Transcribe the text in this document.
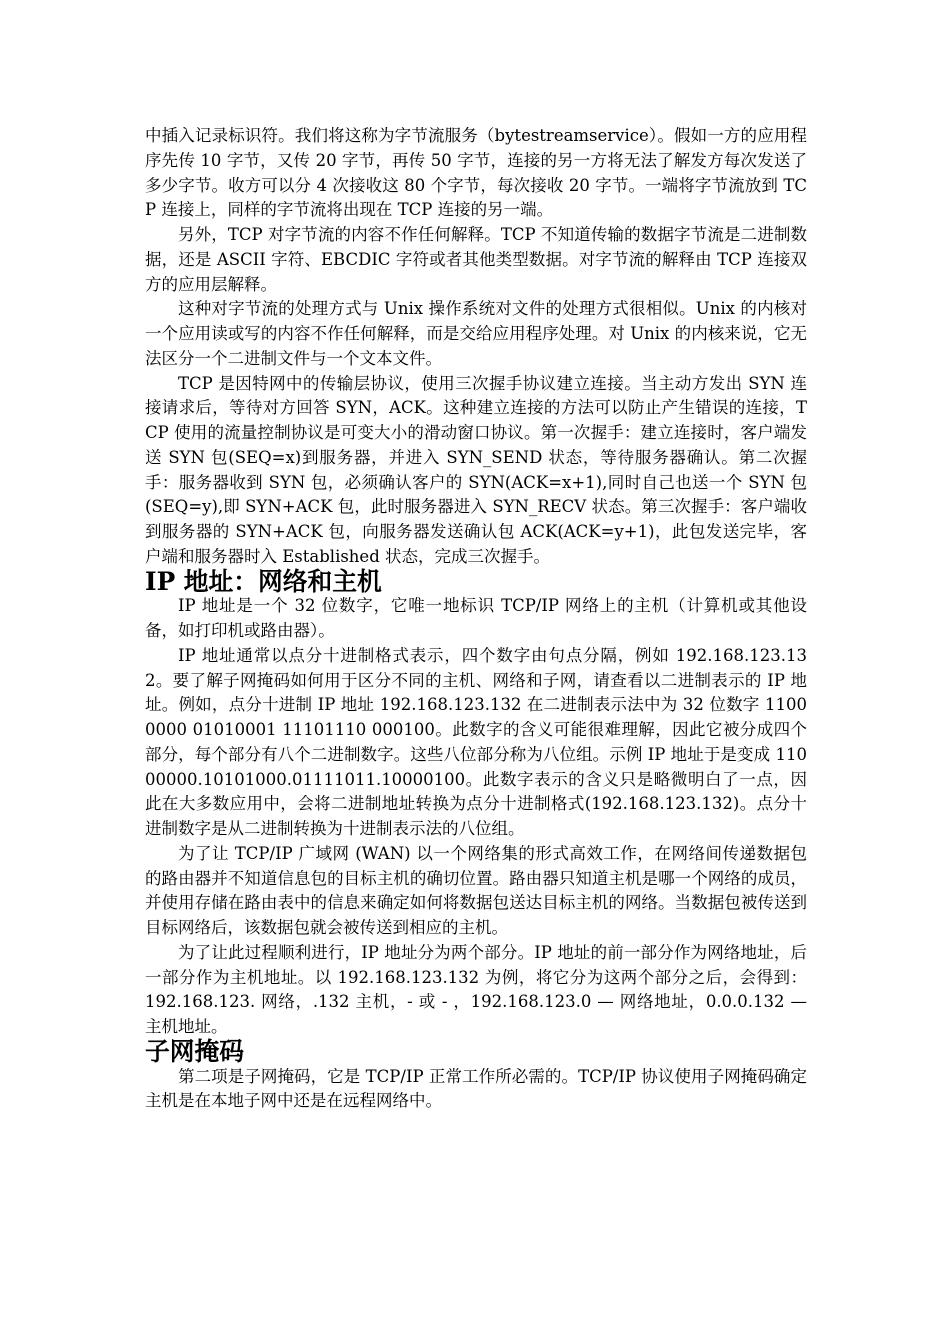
中插入记录标识符。我们将这称为字节流服务（bytestreamservice）。假如一方的应用程序先传 10 字节，又传 20 字节，再传 50 字节，连接的另一方将无法了解发方每次发送了多少字节。收方可以分 4 次接收这 80 个字节，每次接收 20 字节。一端将字节流放到 TCP 连接上，同样的字节流将出现在 TCP 连接的另一端。

另外，TCP 对字节流的内容不作任何解释。TCP 不知道传输的数据字节流是二进制数据，还是 ASCII 字符、EBCDIC 字符或者其他类型数据。对字节流的解释由 TCP 连接双方的应用层解释。

这种对字节流的处理方式与 Unix 操作系统对文件的处理方式很相似。Unix 的内核对一个应用读或写的内容不作任何解释，而是交给应用程序处理。对 Unix 的内核来说，它无法区分一个二进制文件与一个文本文件。

TCP 是因特网中的传输层协议，使用三次握手协议建立连接。当主动方发出 SYN 连接请求后，等待对方回答 SYN，ACK。这种建立连接的方法可以防止产生错误的连接，TCP 使用的流量控制协议是可变大小的滑动窗口协议。第一次握手：建立连接时，客户端发送 SYN 包(SEQ=x)到服务器，并进入 SYN_SEND 状态，等待服务器确认。第二次握手：服务器收到 SYN 包，必须确认客户的 SYN(ACK=x+1),同时自己也送一个 SYN 包(SEQ=y),即 SYN+ACK 包，此时服务器进入 SYN_RECV 状态。第三次握手：客户端收到服务器的 SYN+ACK 包，向服务器发送确认包 ACK(ACK=y+1)，此包发送完毕，客户端和服务器时入 Established 状态，完成三次握手。

IP 地址：网络和主机

IP 地址是一个 32 位数字，它唯一地标识 TCP/IP 网络上的主机（计算机或其他设备，如打印机或路由器）。

IP 地址通常以点分十进制格式表示，四个数字由句点分隔，例如 192.168.123.132。要了解子网掩码如何用于区分不同的主机、网络和子网，请查看以二进制表示的 IP 地址。例如，点分十进制 IP 地址 192.168.123.132 在二进制表示法中为 32 位数字 11000000 01010001 11101110 000100。此数字的含义可能很难理解，因此它被分成四个部分，每个部分有八个二进制数字。这些八位部分称为八位组。示例 IP 地址于是变成 11000000.10101000.01111011.10000100。此数字表示的含义只是略微明白了一点，因此在大多数应用中，会将二进制地址转换为点分十进制格式(192.168.123.132)。点分十进制数字是从二进制转换为十进制表示法的八位组。

为了让 TCP/IP 广域网 (WAN) 以一个网络集的形式高效工作，在网络间传递数据包的路由器并不知道信息包的目标主机的确切位置。路由器只知道主机是哪一个网络的成员，并使用存储在路由表中的信息来确定如何将数据包送达目标主机的网络。当数据包被传送到目标网络后，该数据包就会被传送到相应的主机。

为了让此过程顺利进行，IP 地址分为两个部分。IP 地址的前一部分作为网络地址，后一部分作为主机地址。以 192.168.123.132 为例，将它分为这两个部分之后，会得到： 192.168.123. 网络，.132 主机，- 或 - ，192.168.123.0 — 网络地址，0.0.0.132 — 主机地址。

子网掩码

第二项是子网掩码，它是 TCP/IP 正常工作所必需的。TCP/IP 协议使用子网掩码确定主机是在本地子网中还是在远程网络中。
